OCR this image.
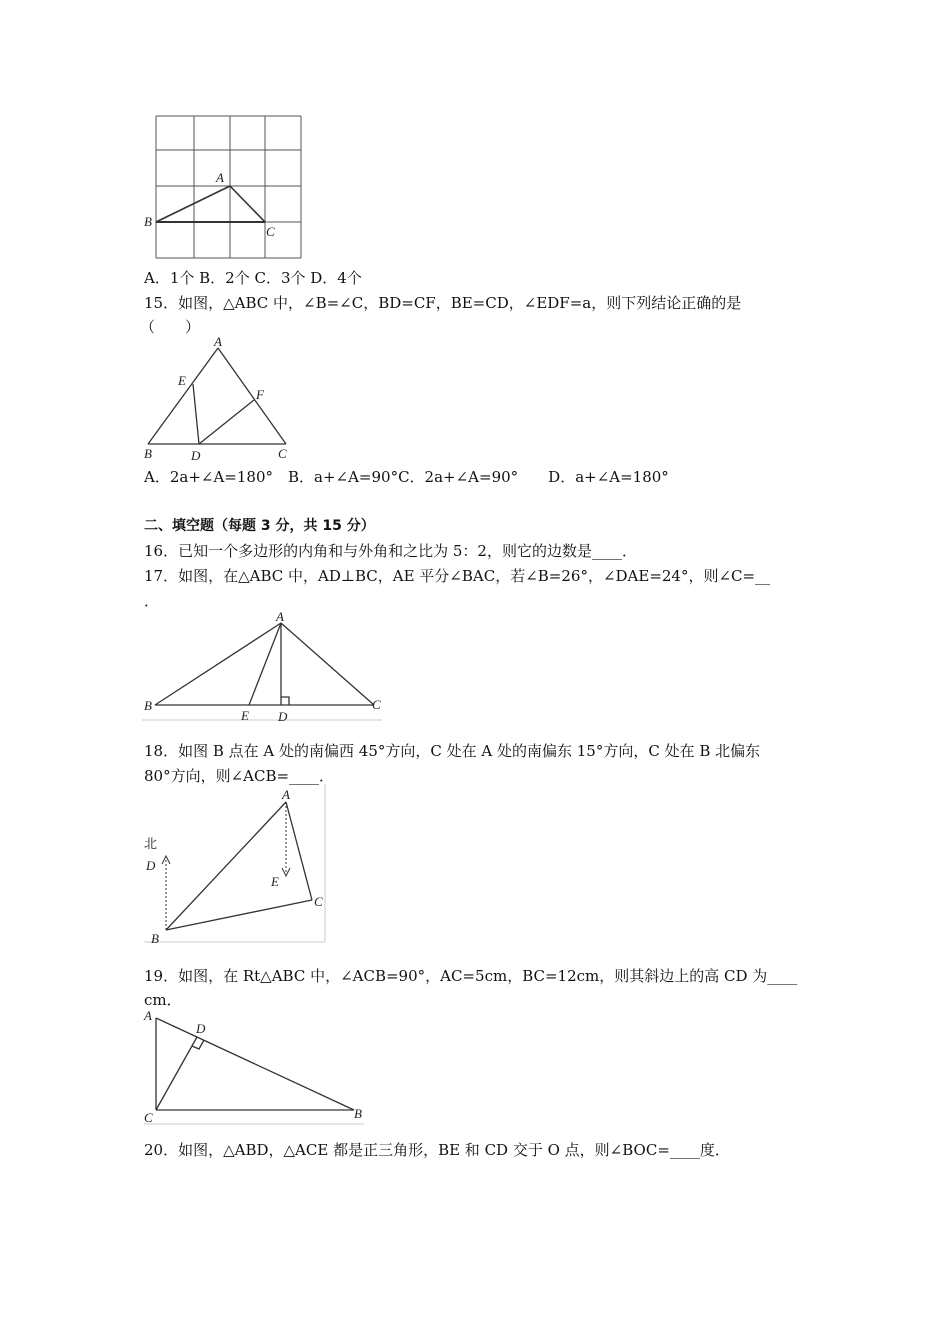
A
B
C
A．1个 B．2个 C．3个 D．4个
15．如图，△ABC 中，∠B=∠C，BD=CF，BE=CD，∠EDF=a，则下列结论正确的是
（　　）
A
E
F
B	D	C
A．2a+∠A=180°　B．a+∠A=90°C．2a+∠A=90°　　D．a+∠A=180°
二、填空题（每题 3 分，共 15 分）
16．已知一个多边形的内角和与外角和之比为 5：2，则它的边数是____．
17．如图，在△ABC 中，AD⊥BC，AE 平分∠BAC，若∠B=26°，∠DAE=24°，则∠C=__
．
A
B
E D
C
18．如图 B 点在 A 处的南偏西 45°方向，C 处在 A 处的南偏东 15°方向，C 处在 B 北偏东
80°方向，则∠ACB=____．
A
北
D
E
C
B
19．如图，在 Rt△ABC 中，∠ACB=90°，AC=5cm，BC=12cm，则其斜边上的高 CD 为____
cm．
A
D
C	B
20．如图，△ABD，△ACE 都是正三角形，BE 和 CD 交于 O 点，则∠BOC=____度．
